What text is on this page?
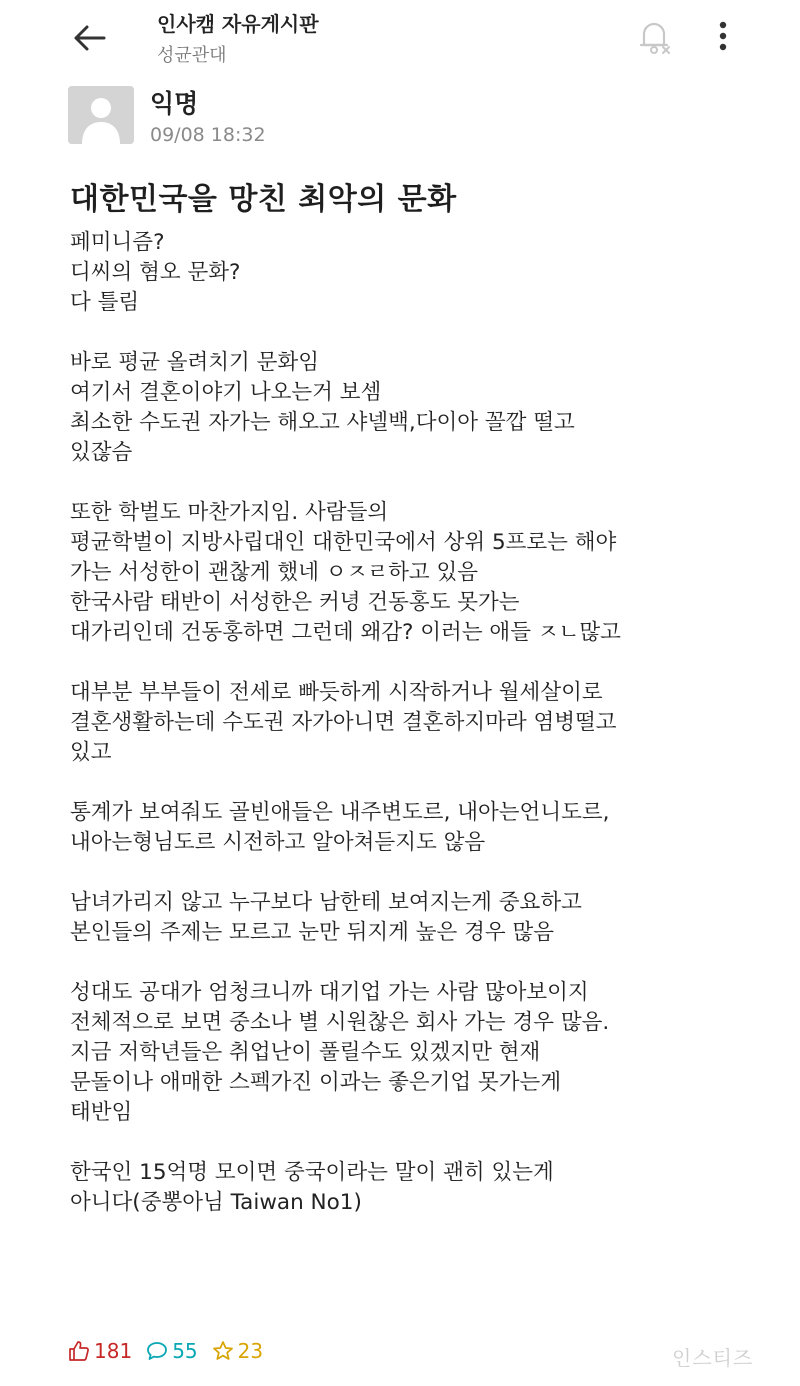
인사캠 자유게시판
성균관대
익명
09/08 18:32
대한민국을 망친 최악의 문화

페미니즘?
디씨의 혐오 문화?
다 틀림

바로 평균 올려치기 문화임
여기서 결혼이야기 나오는거 보셈
최소한 수도권 자가는 해오고 샤넬백,다이아 꼴깝 떨고
있잖슴

또한 학벌도 마찬가지임. 사람들의
평균학벌이 지방사립대인 대한민국에서 상위 5프로는 해야
가는 서성한이 괜찮게 했네 ㅇㅈㄹ하고 있음
한국사람 태반이 서성한은 커녕 건동홍도 못가는
대가리인데 건동홍하면 그런데 왜감? 이러는 애들 ㅈㄴ많고

대부분 부부들이 전세로 빠듯하게 시작하거나 월세살이로
결혼생활하는데 수도권 자가아니면 결혼하지마라 염병떨고
있고

통계가 보여줘도 골빈애들은 내주변도르, 내아는언니도르,
내아는형님도르 시전하고 알아쳐듣지도 않음

남녀가리지 않고 누구보다 남한테 보여지는게 중요하고
본인들의 주제는 모르고 눈만 뒤지게 높은 경우 많음

성대도 공대가 엄청크니까 대기업 가는 사람 많아보이지
전체적으로 보면 중소나 별 시원찮은 회사 가는 경우 많음.
지금 저학년들은 취업난이 풀릴수도 있겠지만 현재
문돌이나 애매한 스펙가진 이과는 좋은기업 못가는게
태반임

한국인 15억명 모이면 중국이라는 말이 괜히 있는게
아니다(중뽕아님 Taiwan No1)

181 55 23	인스티즈
